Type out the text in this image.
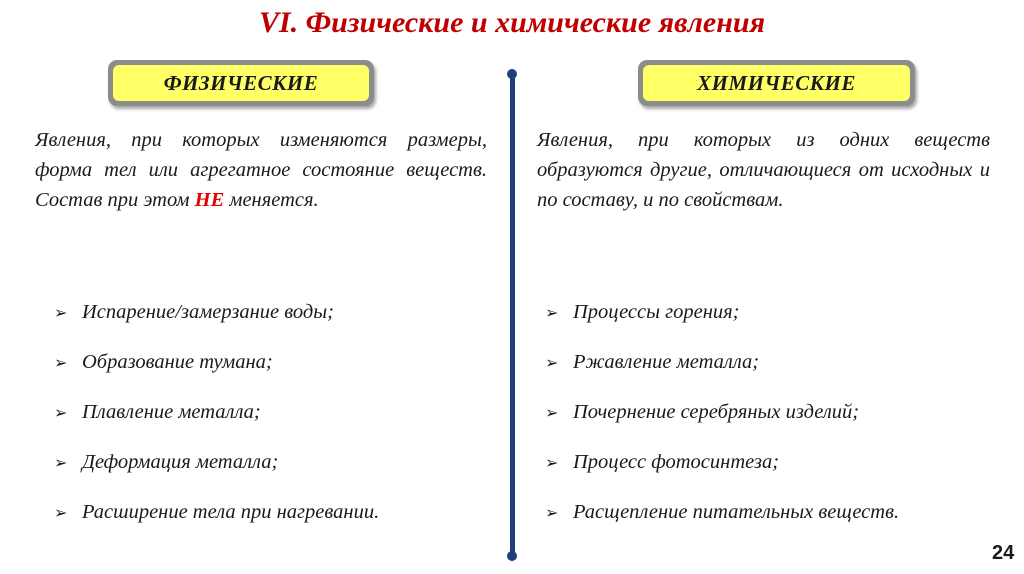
VI. Физические и химические явления
ФИЗИЧЕСКИЕ	ХИМИЧЕСКИЕ
Явления, при которых изменяются размеры, форма тел или агрегатное состояние веществ. Состав при этом НЕ меняется.
Явления, при которых из одних веществ образуются другие, отличающиеся от исходных и по составу, и по свойствам.
➢ Испарение/замерзание воды;
➢ Образование тумана;
➢ Плавление металла;
➢ Деформация металла;
➢ Расширение тела при нагревании.
➢ Процессы горения;
➢ Ржавление металла;
➢ Почернение серебряных изделий;
➢ Процесс фотосинтеза;
➢ Расщепление питательных веществ.
24
